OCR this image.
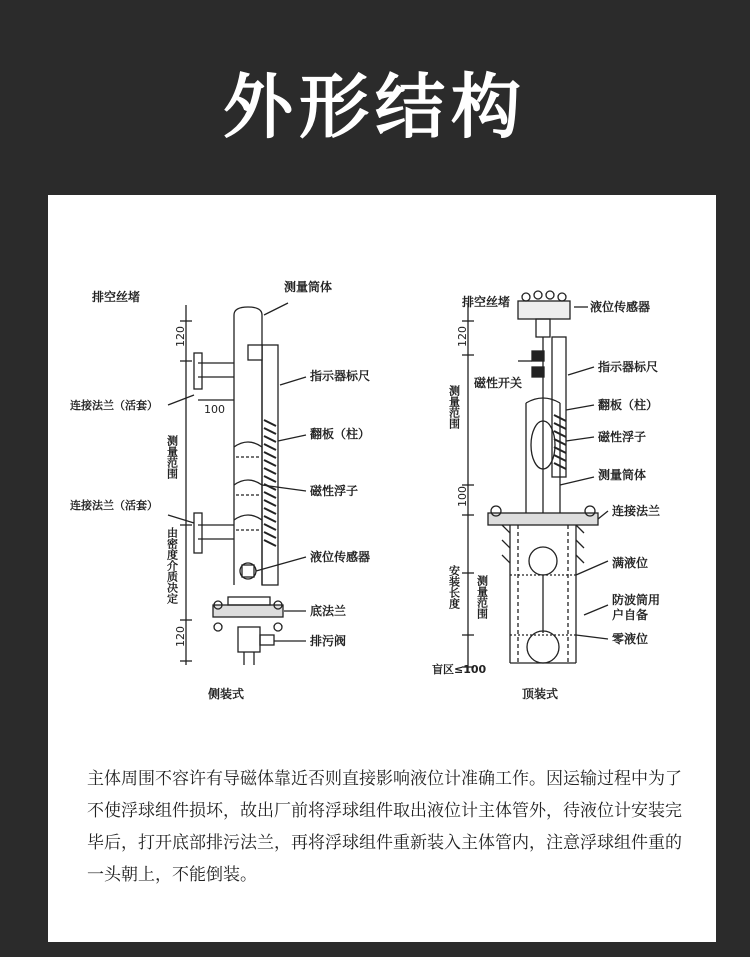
外形结构
排空丝堵
测量筒体
指示器标尺
翻板（柱）
磁性浮子
液位传感器
底法兰
排污阀
连接法兰（活套）
连接法兰（活套）
100
120
120
测量范围
由密度介质决定
侧装式
排空丝堵	液位传感器
指示器标尺
磁性开关
翻板（柱）
磁性浮子
测量筒体
连接法兰
满液位
防波筒用户自备
零液位
120
测量范围
100
安装长度 测量范围
盲区≤100
顶装式
主体周围不容许有导磁体靠近否则直接影响液位计准确工作。因运输过程中为了不使浮球组件损坏，故出厂前将浮球组件取出液位计主体管外，待液位计安装完毕后，打开底部排污法兰，再将浮球组件重新装入主体管内，注意浮球组件重的一头朝上，不能倒装。
